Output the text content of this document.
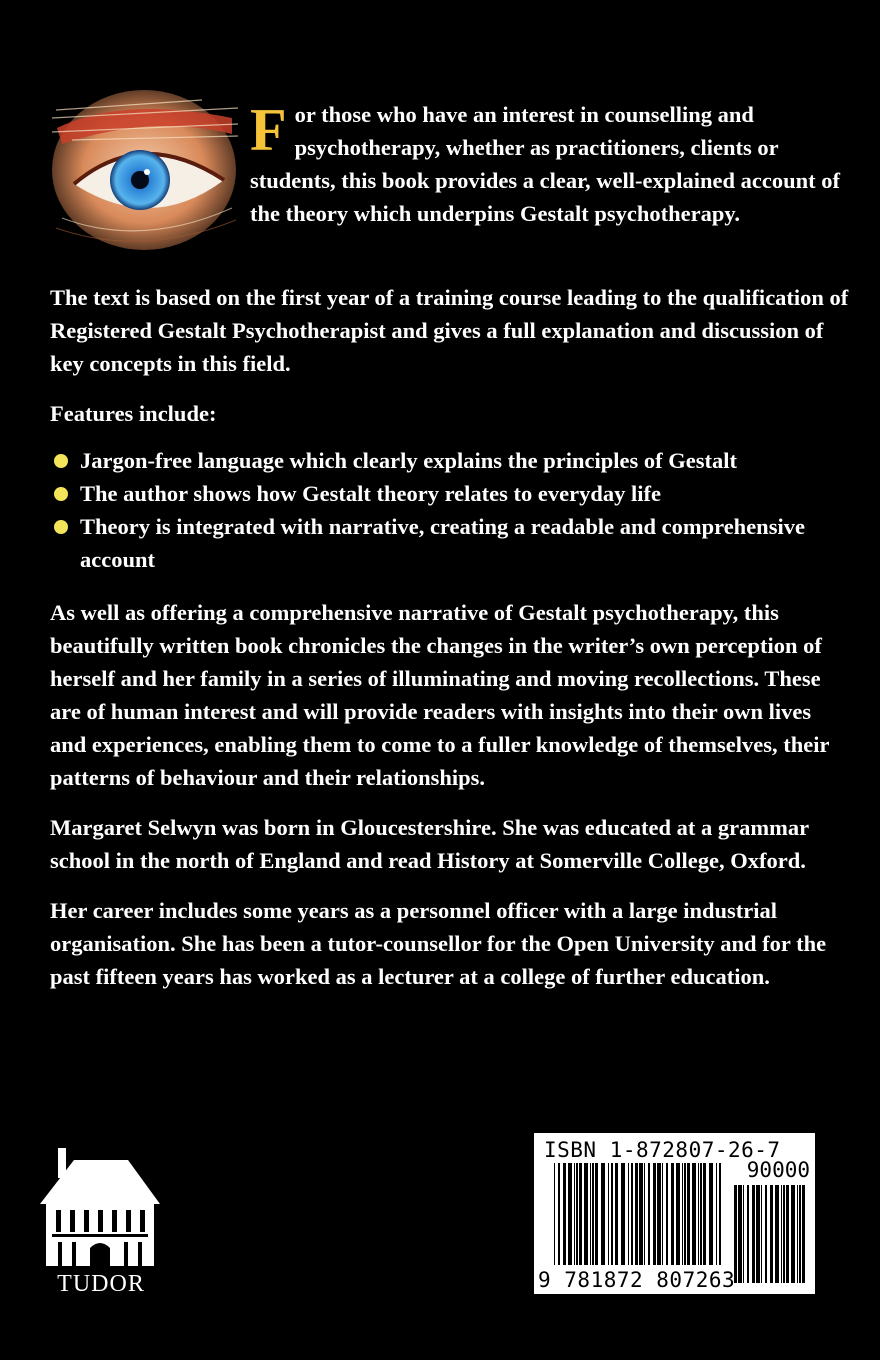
F or those who have an interest in counselling and psychotherapy, whether as practitioners, clients or students, this book provides a clear, well-explained account of the theory which underpins Gestalt psychotherapy.

The text is based on the first year of a training course leading to the qualification of Registered Gestalt Psychotherapist and gives a full explanation and discussion of key concepts in this field.

Features include:

Jargon-free language which clearly explains the principles of Gestalt
The author shows how Gestalt theory relates to everyday life
Theory is integrated with narrative, creating a readable and comprehensive account

As well as offering a comprehensive narrative of Gestalt psychotherapy, this beautifully written book chronicles the changes in the writer’s own perception of herself and her family in a series of illuminating and moving recollections. These are of human interest and will provide readers with insights into their own lives and experiences, enabling them to come to a fuller knowledge of themselves, their patterns of behaviour and their relationships.

Margaret Selwyn was born in Gloucestershire. She was educated at a grammar school in the north of England and read History at Somerville College, Oxford.

Her career includes some years as a personnel officer with a large industrial organisation. She has been a tutor-counsellor for the Open University and for the past fifteen years has worked as a lecturer at a college of further education.

TUDOR
ISBN 1-872807-26-7
90000
9 781872 807263
